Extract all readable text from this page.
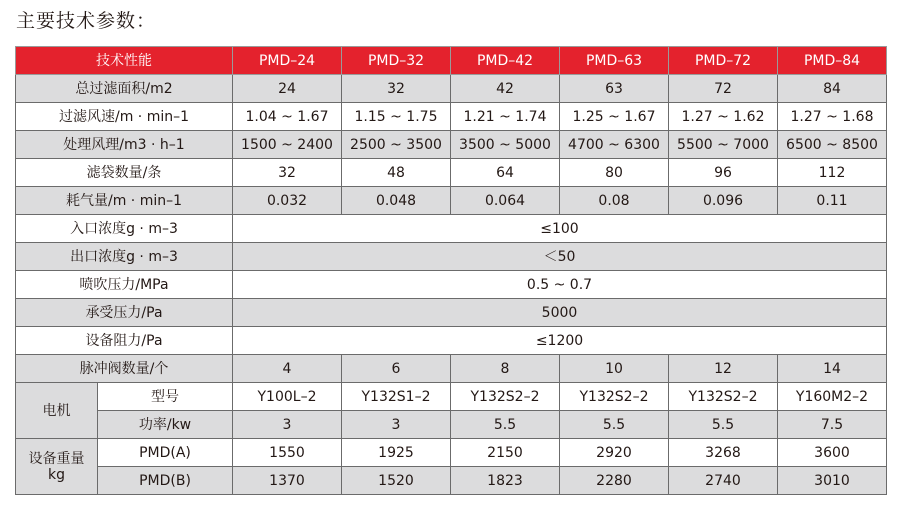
主要技术参数：
技术性能		PMD–24	PMD–32	PMD–42	PMD–63	PMD–72	PMD–84
总过滤面积/m2		24	32	42	63	72	84
过滤风速/m · min–1		1.04 ~ 1.67	1.15 ~ 1.75	1.21 ~ 1.74	1.25 ~ 1.67	1.27 ~ 1.62	1.27 ~ 1.68
处理风理/m3 · h–1		1500 ~ 2400	2500 ~ 3500	3500 ~ 5000	4700 ~ 6300	5500 ~ 7000	6500 ~ 8500
滤袋数量/条		32	48	64	80	96	112
耗气量/m · min–1		0.032	0.048	0.064	0.08	0.096	0.11
入口浓度g · m–3		≤100					
出口浓度g · m–3		＜50					
喷吹压力/MPa		0.5 ~ 0.7					
承受压力/Pa		5000					
设备阻力/Pa		≤1200					
脉冲阀数量/个		4	6	8	10	12	14
电机	型号	Y100L–2	Y132S1–2	Y132S2–2	Y132S2–2	Y132S2–2	Y160M2–2
	功率/kw	3	3	5.5	5.5	5.5	7.5

设备重量
kg	PMD(A)	1550	1925	2150	2920	3268	3600
	PMD(B)	1370	1520	1823	2280	2740	3010
